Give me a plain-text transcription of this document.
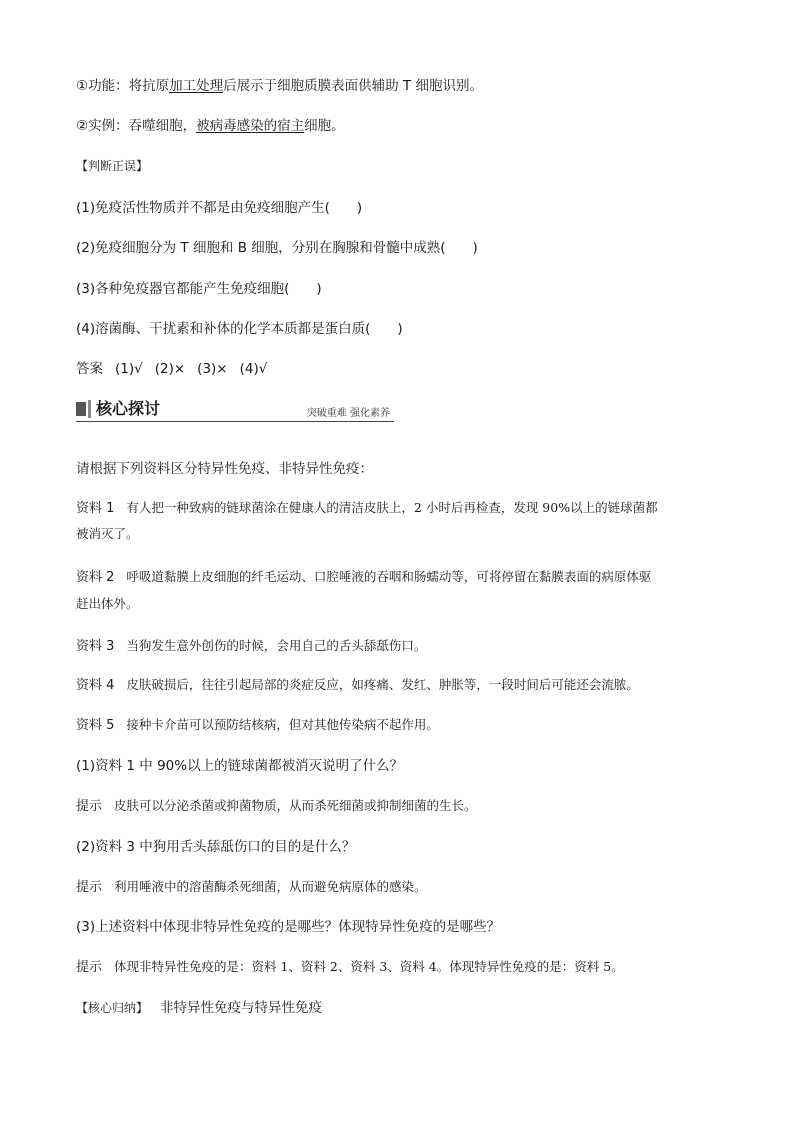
①功能：将抗原加工处理后展示于细胞质膜表面供辅助 T 细胞识别。
②实例：吞噬细胞，被病毒感染的宿主细胞。
【判断正误】
(1)免疫活性物质并不都是由免疫细胞产生(　　)
(2)免疫细胞分为 T 细胞和 B 细胞，分别在胸腺和骨髓中成熟(　　)
(3)各种免疫器官都能产生免疫细胞(　　)
(4)溶菌酶、干扰素和补体的化学本质都是蛋白质(　　)
答案 (1)√ (2)× (3)× (4)√
核心探讨	突破重难 强化素养
请根据下列资料区分特异性免疫、非特异性免疫：
资料 1 有人把一种致病的链球菌涂在健康人的清洁皮肤上，2 小时后再检查，发现 90%以上的链球菌都
被消灭了。
资料 2 呼吸道黏膜上皮细胞的纤毛运动、口腔唾液的吞咽和肠蠕动等，可将停留在黏膜表面的病原体驱
赶出体外。
资料 3 当狗发生意外创伤的时候，会用自己的舌头舔舐伤口。
资料 4 皮肤破损后，往往引起局部的炎症反应，如疼痛、发红、肿胀等，一段时间后可能还会流脓。
资料 5 接种卡介苗可以预防结核病，但对其他传染病不起作用。
(1)资料 1 中 90%以上的链球菌都被消灭说明了什么？
提示 皮肤可以分泌杀菌或抑菌物质，从而杀死细菌或抑制细菌的生长。
(2)资料 3 中狗用舌头舔舐伤口的目的是什么？
提示 利用唾液中的溶菌酶杀死细菌，从而避免病原体的感染。
(3)上述资料中体现非特异性免疫的是哪些？体现特异性免疫的是哪些？
提示 体现非特异性免疫的是：资料 1、资料 2、资料 3、资料 4。体现特异性免疫的是：资料 5。
【核心归纳】 非特异性免疫与特异性免疫
